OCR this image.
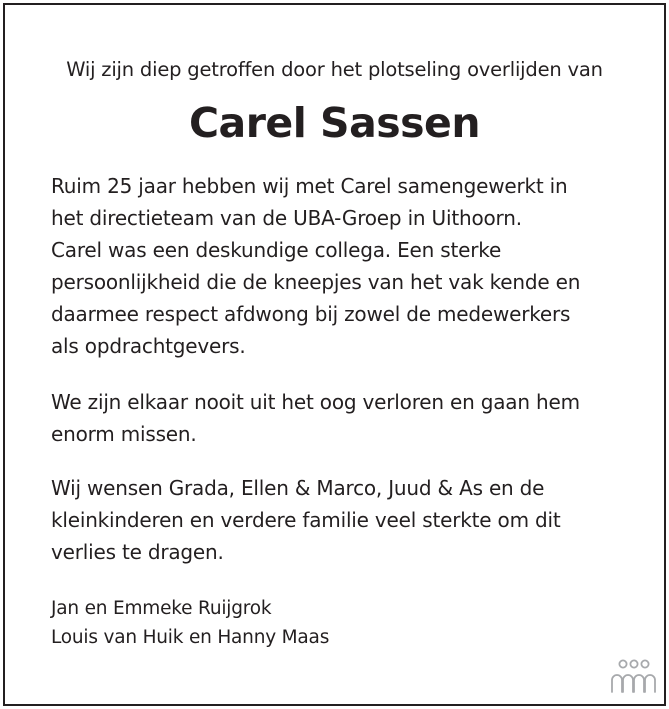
Wij zijn diep getroffen door het plotseling overlijden van
Carel Sassen
Ruim 25 jaar hebben wij met Carel samengewerkt in
het directieteam van de UBA-Groep in Uithoorn.
Carel was een deskundige collega. Een sterke
persoonlijkheid die de kneepjes van het vak kende en
daarmee respect afdwong bij zowel de medewerkers
als opdrachtgevers.
We zijn elkaar nooit uit het oog verloren en gaan hem
enorm missen.
Wij wensen Grada, Ellen & Marco, Juud & As en de
kleinkinderen en verdere familie veel sterkte om dit
verlies te dragen.
Jan en Emmeke Ruijgrok
Louis van Huik en Hanny Maas
